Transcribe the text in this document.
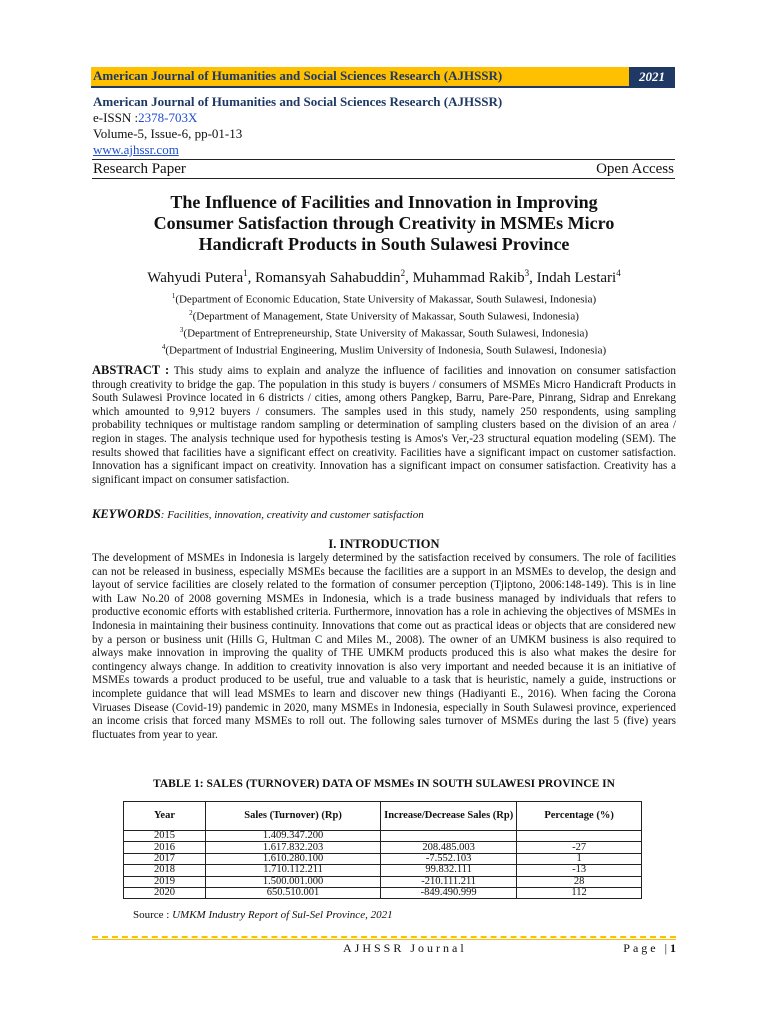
American Journal of Humanities and Social Sciences Research (AJHSSR)	2021
American Journal of Humanities and Social Sciences Research (AJHSSR)
e-ISSN :2378-703X
Volume-5, Issue-6, pp-01-13
www.ajhssr.com
Research Paper	Open Access
The Influence of Facilities and Innovation in Improving
Consumer Satisfaction through Creativity in MSMEs Micro
Handicraft Products in South Sulawesi Province
Wahyudi Putera$^1$, Romansyah Sahabuddin$^2$, Muhammad Rakib$^3$, Indah Lestari$^4$
$^1$(Department of Economic Education, State University of Makassar, South Sulawesi, Indonesia)
$^2$(Department of Management, State University of Makassar, South Sulawesi, Indonesia)
$^3$(Department of Entrepreneurship, State University of Makassar, South Sulawesi, Indonesia)
$^4$(Department of Industrial Engineering, Muslim University of Indonesia, South Sulawesi, Indonesia)
ABSTRACT : This study aims to explain and analyze the influence of facilities and innovation on consumer satisfaction through creativity to bridge the gap. The population in this study is buyers / consumers of MSMEs Micro Handicraft Products in South Sulawesi Province located in 6 districts / cities, among others Pangkep, Barru, Pare-Pare, Pinrang, Sidrap and Enrekang which amounted to 9,912 buyers / consumers. The samples used in this study, namely 250 respondents, using sampling probability techniques or multistage random sampling or determination of sampling clusters based on the division of an area / region in stages. The analysis technique used for hypothesis testing is Amos's Ver,-23 structural equation modeling (SEM). The results showed that facilities have a significant effect on creativity. Facilities have a significant impact on customer satisfaction. Innovation has a significant impact on creativity. Innovation has a significant impact on consumer satisfaction. Creativity has a significant impact on consumer satisfaction.
KEYWORDS: Facilities, innovation, creativity and customer satisfaction
I. INTRODUCTION
The development of MSMEs in Indonesia is largely determined by the satisfaction received by consumers. The role of facilities can not be released in business, especially MSMEs because the facilities are a support in an MSMEs to develop, the design and layout of service facilities are closely related to the formation of consumer perception (Tjiptono, 2006:148-149). This is in line with Law No.20 of 2008 governing MSMEs in Indonesia, which is a trade business managed by individuals that refers to productive economic efforts with established criteria. Furthermore, innovation has a role in achieving the objectives of MSMEs in Indonesia in maintaining their business continuity. Innovations that come out as practical ideas or objects that are considered new by a person or business unit (Hills G, Hultman C and Miles M., 2008). The owner of an UMKM business is also required to always make innovation in improving the quality of THE UMKM products produced this is also what makes the desire for contingency always change. In addition to creativity innovation is also very important and needed because it is an initiative of MSMEs towards a product produced to be useful, true and valuable to a task that is heuristic, namely a guide, instructions or incomplete guidance that will lead MSMEs to learn and discover new things (Hadiyanti E., 2016). When facing the Corona Viruases Disease (Covid-19) pandemic in 2020, many MSMEs in Indonesia, especially in South Sulawesi province, experienced an income crisis that forced many MSMEs to roll out. The following sales turnover of MSMEs during the last 5 (five) years fluctuates from year to year.
TABLE 1: SALES (TURNOVER) DATA OF MSMEs IN SOUTH SULAWESI PROVINCE IN
Year	Sales (Turnover) (Rp)	Increase/Decrease Sales (Rp)	Percentage (%)
2015	1.409.347.200		
2016	1.617.832.203	208.485.003	-27
2017	1.610.280.100	-7.552.103	1
2018	1.710.112.211	99.832.111	-13
2019	1.500.001.000	-210.111.211	28
2020	650.510.001	-849.490.999	112
Source : UMKM Industry Report of Sul-Sel Province, 2021
AJHSSR Journal	Page |1
